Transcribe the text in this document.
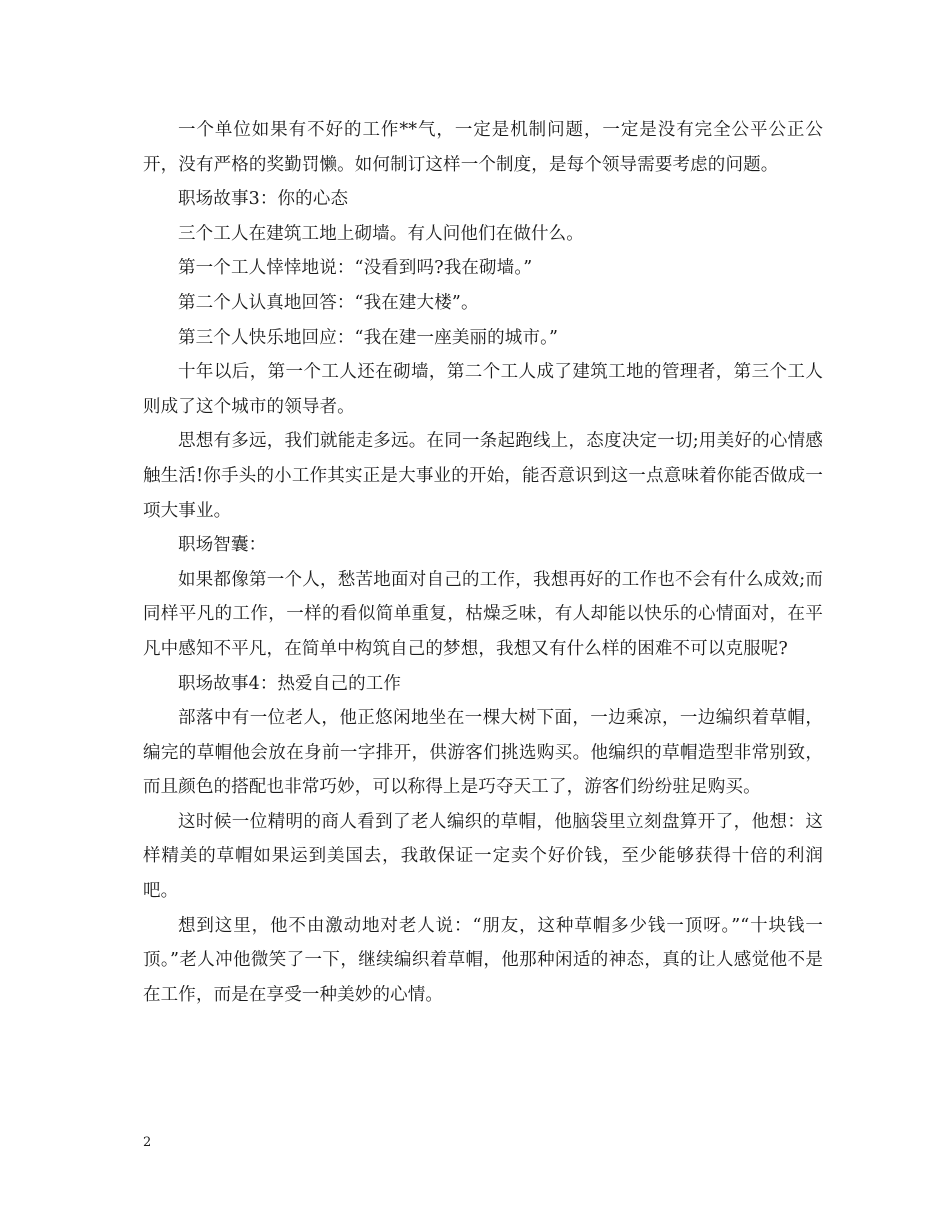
一个单位如果有不好的工作**气，一定是机制问题，一定是没有完全公平公正公开，没有严格的奖勤罚懒。如何制订这样一个制度，是每个领导需要考虑的问题。

职场故事3：你的心态

三个工人在建筑工地上砌墙。有人问他们在做什么。

第一个工人悻悻地说：“没看到吗?我在砌墙。”

第二个人认真地回答：“我在建大楼”。

第三个人快乐地回应：“我在建一座美丽的城市。”

十年以后，第一个工人还在砌墙，第二个工人成了建筑工地的管理者，第三个工人则成了这个城市的领导者。

思想有多远，我们就能走多远。在同一条起跑线上，态度决定一切;用美好的心情感触生活!你手头的小工作其实正是大事业的开始，能否意识到这一点意味着你能否做成一项大事业。

职场智囊：

如果都像第一个人，愁苦地面对自己的工作，我想再好的工作也不会有什么成效;而同样平凡的工作，一样的看似简单重复，枯燥乏味，有人却能以快乐的心情面对，在平凡中感知不平凡，在简单中构筑自己的梦想，我想又有什么样的困难不可以克服呢?

职场故事4：热爱自己的工作

部落中有一位老人，他正悠闲地坐在一棵大树下面，一边乘凉，一边编织着草帽，编完的草帽他会放在身前一字排开，供游客们挑选购买。他编织的草帽造型非常别致，而且颜色的搭配也非常巧妙，可以称得上是巧夺天工了，游客们纷纷驻足购买。

这时候一位精明的商人看到了老人编织的草帽，他脑袋里立刻盘算开了，他想：这样精美的草帽如果运到美国去，我敢保证一定卖个好价钱，至少能够获得十倍的利润吧。

想到这里，他不由激动地对老人说：“朋友，这种草帽多少钱一顶呀。”“十块钱一顶。”老人冲他微笑了一下，继续编织着草帽，他那种闲适的神态，真的让人感觉他不是在工作，而是在享受一种美妙的心情。

2
